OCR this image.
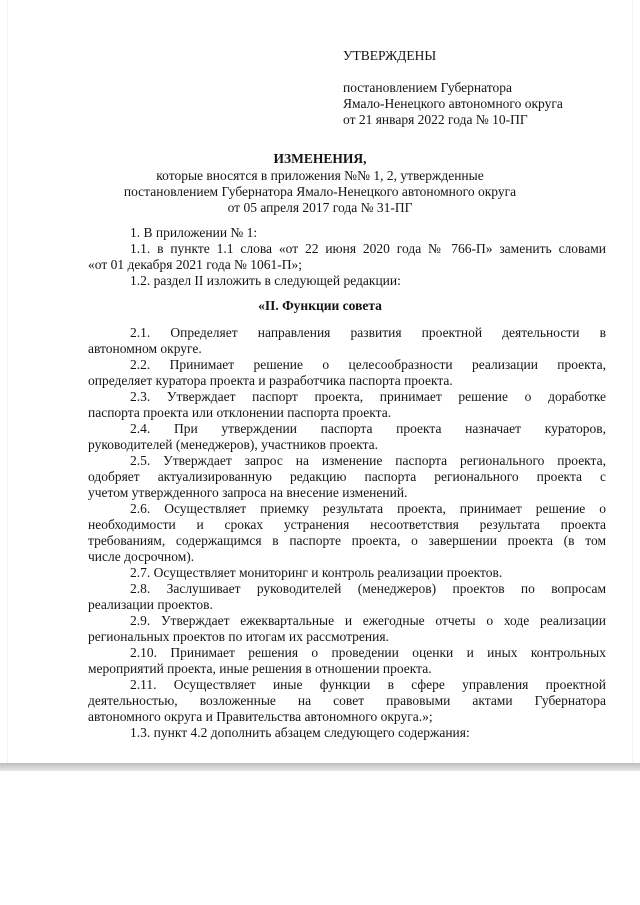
УТВЕРЖДЕНЫ
постановлением Губернатора
Ямало-Ненецкого автономного округа
от 21 января 2022 года № 10-ПГ
ИЗМЕНЕНИЯ,
которые вносятся в приложения №№ 1, 2, утвержденные
постановлением Губернатора Ямало-Ненецкого автономного округа
от 05 апреля 2017 года № 31-ПГ
1. В приложении № 1:
1.1. в пункте 1.1 слова «от 22 июня 2020 года № 766-П» заменить словами
«от 01 декабря 2021 года № 1061-П»;
1.2. раздел II изложить в следующей редакции:
«II. Функции совета
2.1. Определяет направления развития проектной деятельности в
автономном округе.
2.2. Принимает решение о целесообразности реализации проекта,
определяет куратора проекта и разработчика паспорта проекта.
2.3. Утверждает паспорт проекта, принимает решение о доработке
паспорта проекта или отклонении паспорта проекта.
2.4. При утверждении паспорта проекта назначает кураторов,
руководителей (менеджеров), участников проекта.
2.5. Утверждает запрос на изменение паспорта регионального проекта,
одобряет актуализированную редакцию паспорта регионального проекта с
учетом утвержденного запроса на внесение изменений.
2.6. Осуществляет приемку результата проекта, принимает решение о
необходимости и сроках устранения несоответствия результата проекта
требованиям, содержащимся в паспорте проекта, о завершении проекта (в том
числе досрочном).
2.7. Осуществляет мониторинг и контроль реализации проектов.
2.8. Заслушивает руководителей (менеджеров) проектов по вопросам
реализации проектов.
2.9. Утверждает ежеквартальные и ежегодные отчеты о ходе реализации
региональных проектов по итогам их рассмотрения.
2.10. Принимает решения о проведении оценки и иных контрольных
мероприятий проекта, иные решения в отношении проекта.
2.11. Осуществляет иные функции в сфере управления проектной
деятельностью, возложенные на совет правовыми актами Губернатора
автономного округа и Правительства автономного округа.»;
1.3. пункт 4.2 дополнить абзацем следующего содержания:
